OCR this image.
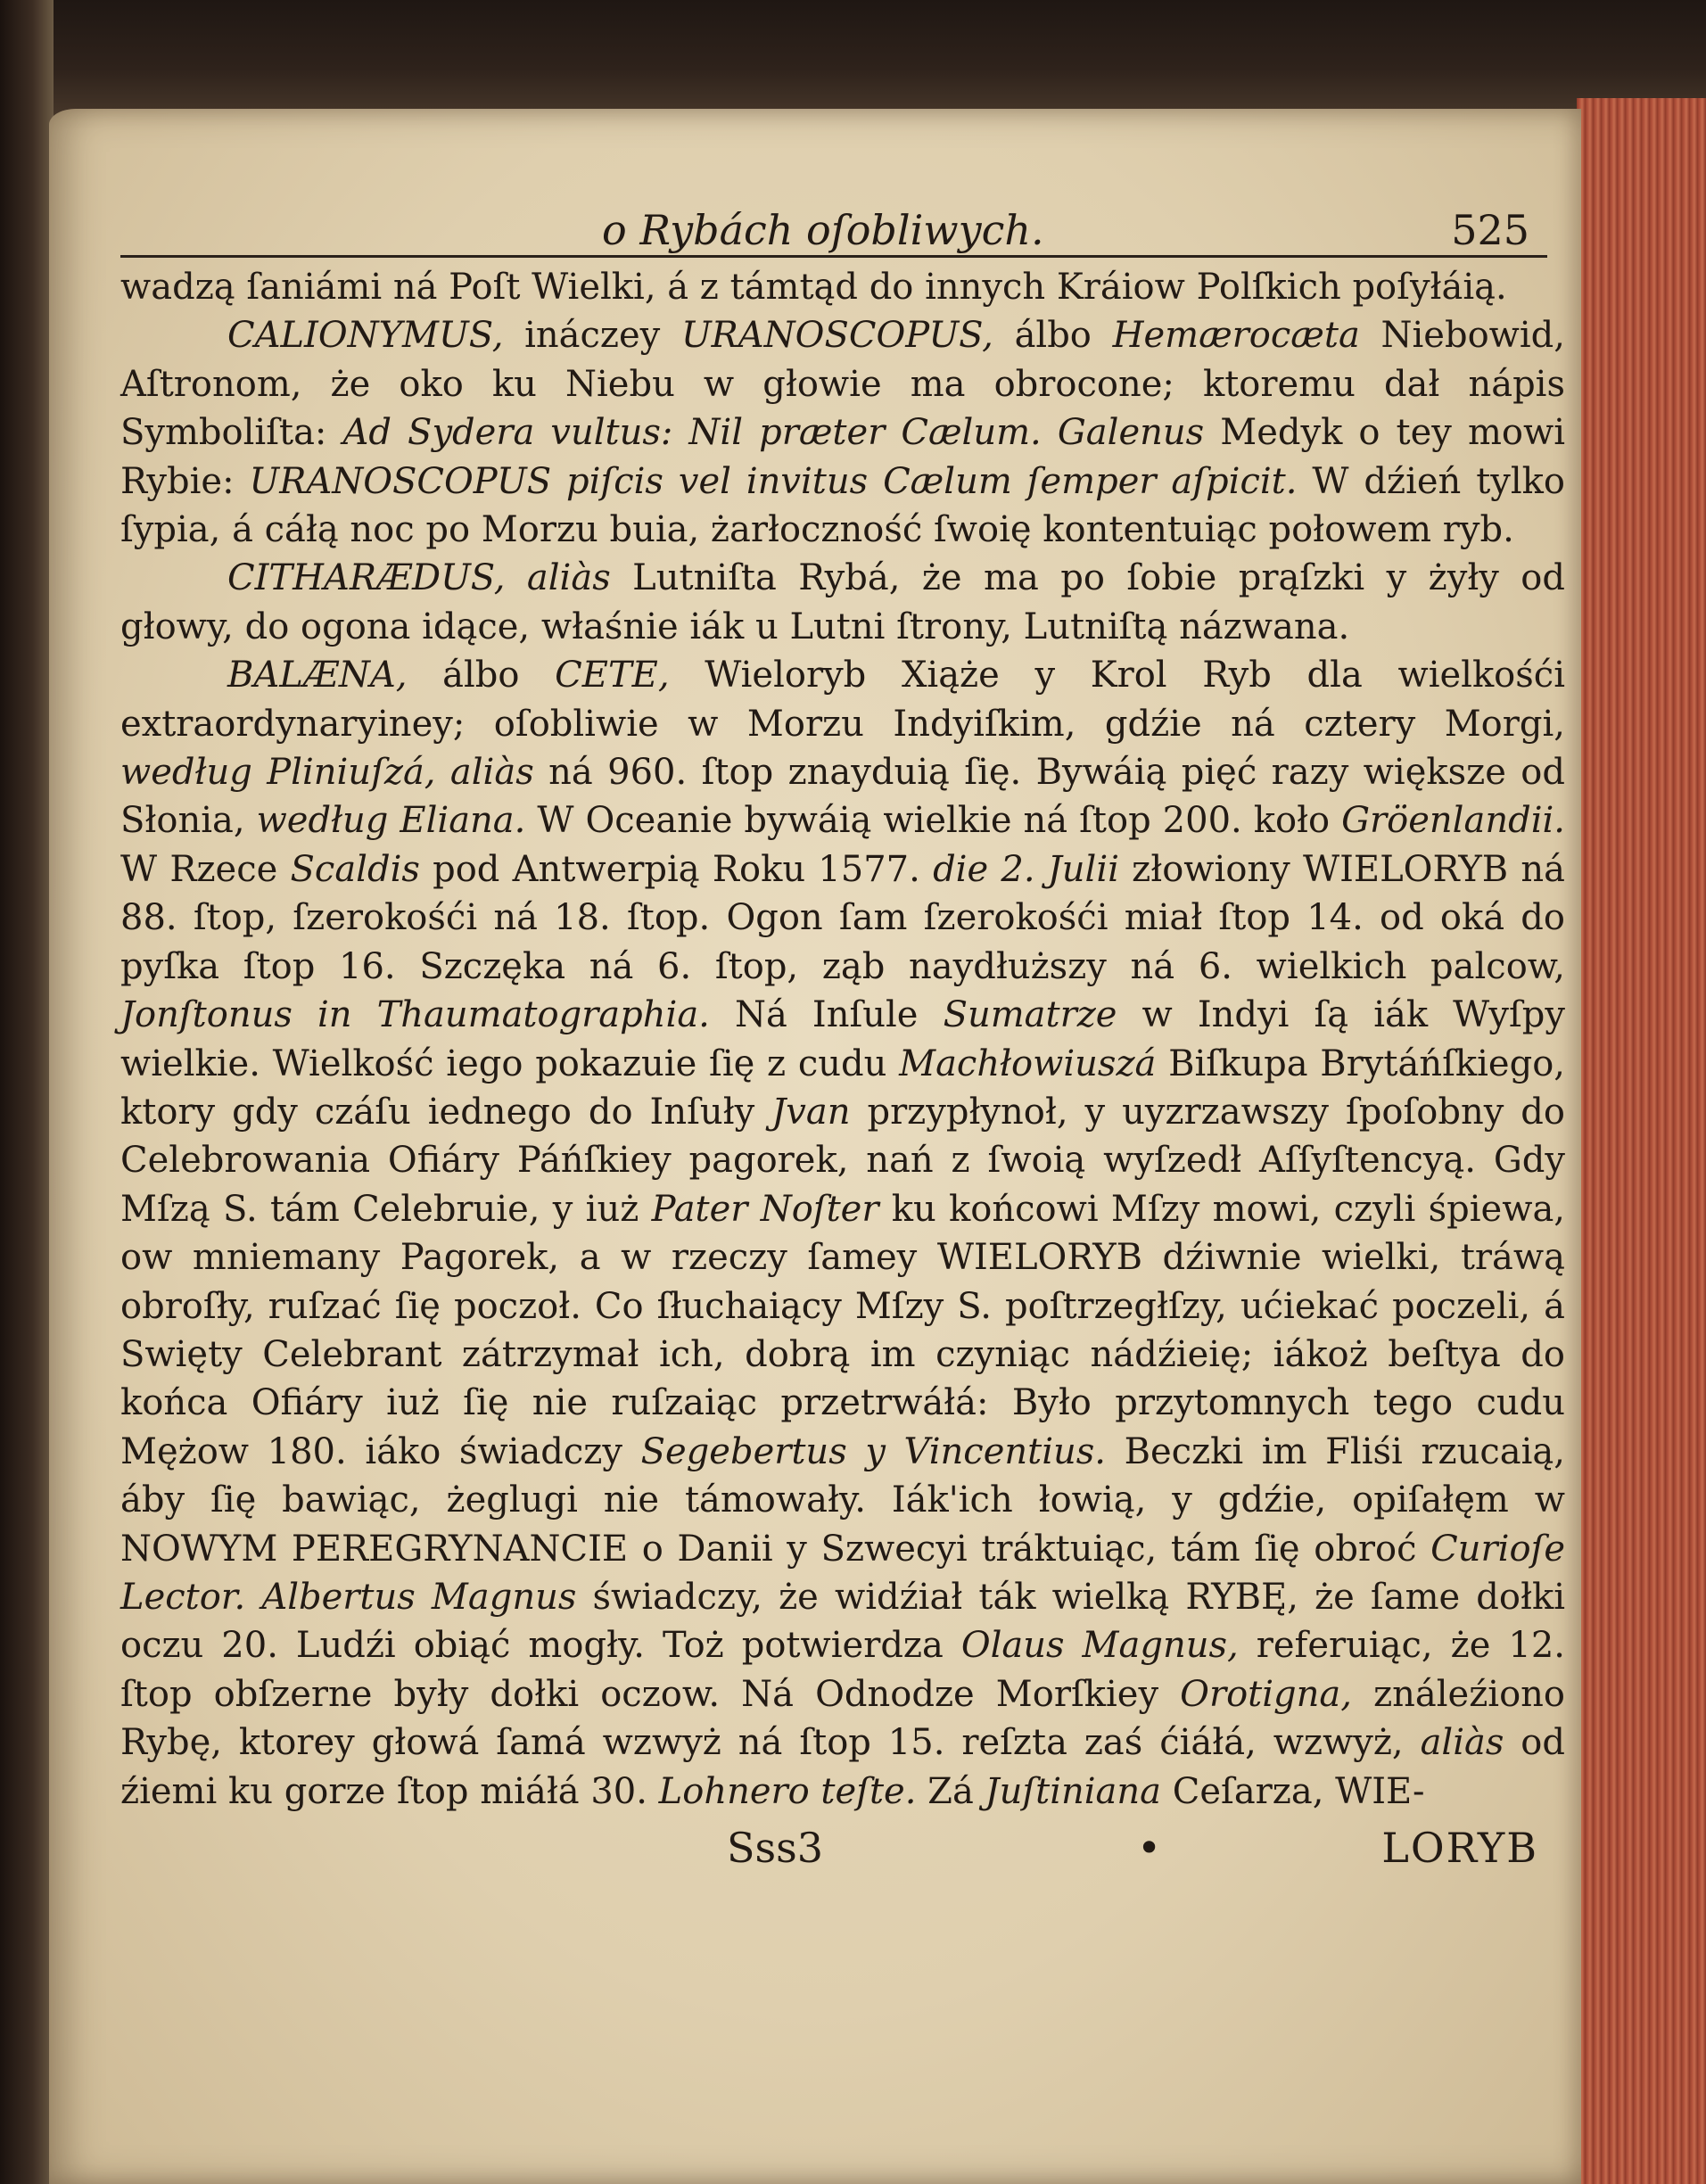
o Rybách oſobliwych.	525

wadzą ſaniámi ná Poſt Wielki, á z támtąd do innych Kráiow Polſkich poſyłáią.

CALIONYMUS, ináczey URANOSCOPUS, álbo Hemærocæta Niebowid, Aſtronom, że oko ku Niebu w głowie ma obrocone; ktoremu dał nápis Symboliſta: Ad Sydera vultus: Nil præter Cælum. Galenus Medyk o tey mowi Rybie: URANOSCOPUS piſcis vel invitus Cælum ſemper aſpicit. W dźień tylko ſypia, á cáłą noc po Morzu buia, żarłoczność ſwoię kontentuiąc połowem ryb.

CITHARÆDUS, aliàs Lutniſta Rybá, że ma po ſobie prąſzki y żyły od głowy, do ogona idące, właśnie iák u Lutni ſtrony, Lutniſtą názwana.

BALÆNA, álbo CETE, Wieloryb Xiąże y Krol Ryb dla wielkośći extraordynaryiney; oſobliwie w Morzu Indyiſkim, gdźie ná cztery Morgi, według Pliniuſzá, aliàs ná 960. ſtop znayduią ſię. Bywáią pięć razy większe od Słonia, według Eliana. W Oceanie bywáią wielkie ná ſtop 200. koło Gröenlandii. W Rzece Scaldis pod Antwerpią Roku 1577. die 2. Julii złowiony WIELORYB ná 88. ſtop, ſzerokośći ná 18. ſtop. Ogon ſam ſzerokośći miał ſtop 14. od oká do pyſka ſtop 16. Szczęka ná 6. ſtop, ząb naydłuższy ná 6. wielkich palcow, Jonſtonus in Thaumatographia. Ná Inſule Sumatrze w Indyi ſą iák Wyſpy wielkie. Wielkość iego pokazuie ſię z cudu Machłowiuszá Biſkupa Brytáńſkiego, ktory gdy czáſu iednego do Inſuły Jvan przypłynoł, y uyzrzawszy ſpoſobny do Celebrowania Ofiáry Páńſkiey pagorek, nań z ſwoią wyſzedł Aſſyſtencyą. Gdy Mſzą S. tám Celebruie, y iuż Pater Noſter ku końcowi Mſzy mowi, czyli śpiewa, ow mniemany Pagorek, a w rzeczy ſamey WIELORYB dźiwnie wielki, tráwą obroſły, ruſzać ſię poczoł. Co ſłuchaiący Mſzy S. poſtrzegłſzy, ućiekać poczeli, á Swięty Celebrant zátrzymał ich, dobrą im czyniąc nádźieię; iákoż beſtya do końca Ofiáry iuż ſię nie ruſzaiąc przetrwáłá: Było przytomnych tego cudu Mężow 180. iáko świadczy Segebertus y Vincentius. Beczki im Fliśi rzucaią, áby ſię bawiąc, żeglugi nie támowały. Iák'ich łowią, y gdźie, opiſałęm w NOWYM PEREGRYNANCIE o Danii y Szwecyi tráktuiąc, tám ſię obroć Curioſe Lector. Albertus Magnus świadczy, że widźiał ták wielką RYBĘ, że ſame dołki oczu 20. Ludźi obiąć mogły. Toż potwierdza Olaus Magnus, referuiąc, że 12. ſtop obſzerne były dołki oczow. Ná Odnodze Morſkiey Orotigna, ználeźiono Rybę, ktorey głowá ſamá wzwyż ná ſtop 15. reſzta zaś ćiáłá, wzwyż, aliàs od źiemi ku gorze ſtop miáłá 30. Lohnero teſte. Zá Juſtiniana Ceſarza, WIE-

Sss3	•	LORYB
